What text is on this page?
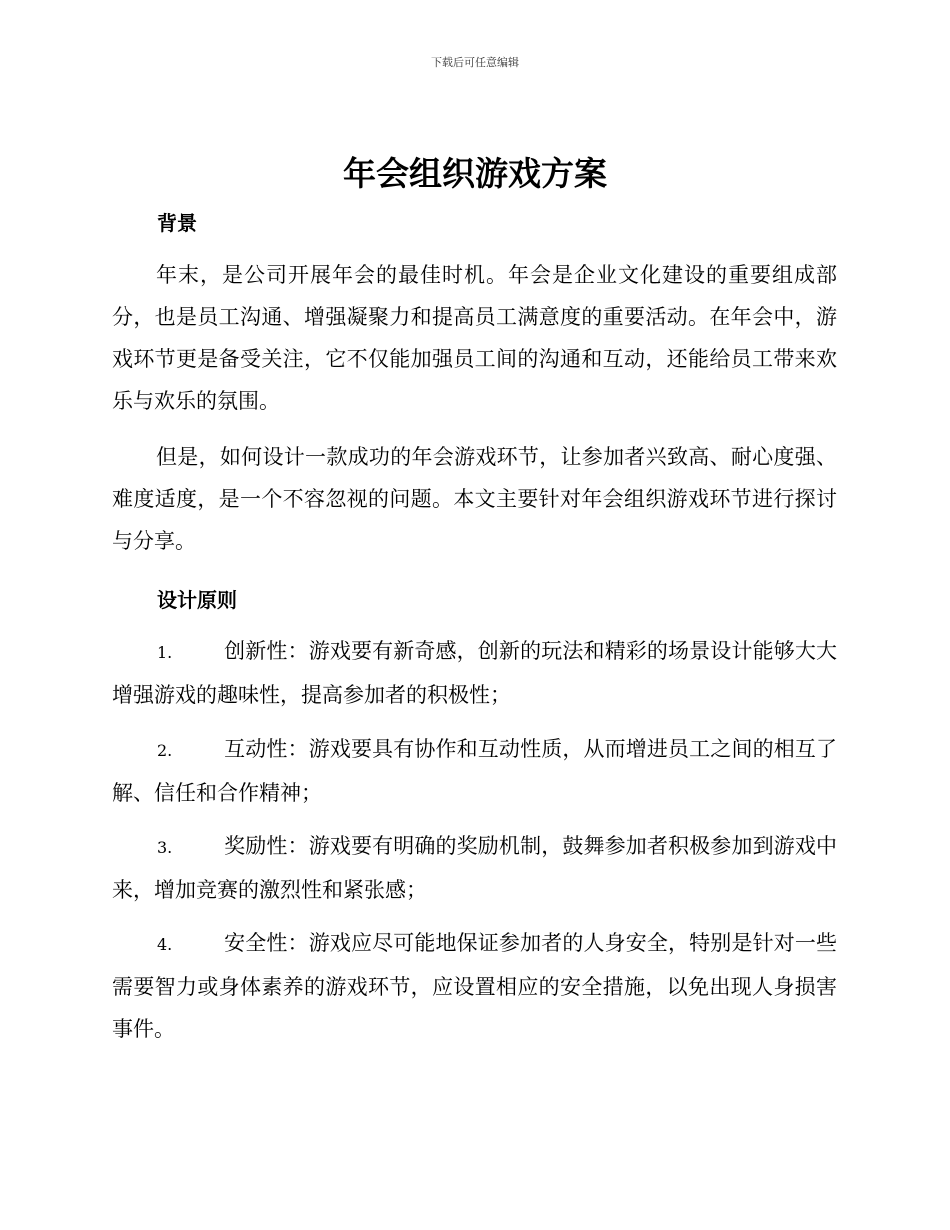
下载后可任意编辑
年会组织游戏方案
背景

年末，是公司开展年会的最佳时机。年会是企业文化建设的重要组成部分，也是员工沟通、增强凝聚力和提高员工满意度的重要活动。在年会中，游戏环节更是备受关注，它不仅能加强员工间的沟通和互动，还能给员工带来欢乐与欢乐的氛围。

但是，如何设计一款成功的年会游戏环节，让参加者兴致高、耐心度强、难度适度，是一个不容忽视的问题。本文主要针对年会组织游戏环节进行探讨与分享。

设计原则

1. 创新性：游戏要有新奇感，创新的玩法和精彩的场景设计能够大大增强游戏的趣味性，提高参加者的积极性；

2. 互动性：游戏要具有协作和互动性质，从而增进员工之间的相互了解、信任和合作精神；

3. 奖励性：游戏要有明确的奖励机制，鼓舞参加者积极参加到游戏中来，增加竞赛的激烈性和紧张感；

4. 安全性：游戏应尽可能地保证参加者的人身安全，特别是针对一些需要智力或身体素养的游戏环节，应设置相应的安全措施，以免出现人身损害事件。
